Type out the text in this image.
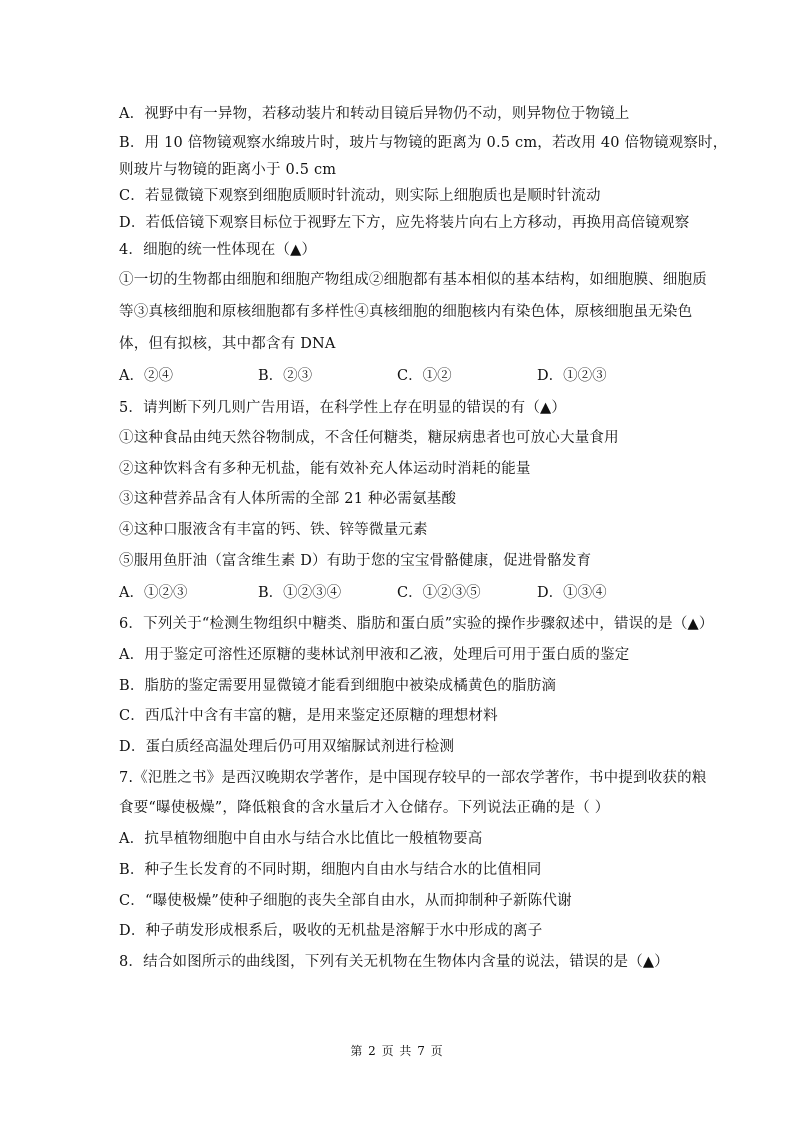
A．视野中有一异物，若移动装片和转动目镜后异物仍不动，则异物位于物镜上
B．用 10 倍物镜观察水绵玻片时，玻片与物镜的距离为 0.5 cm，若改用 40 倍物镜观察时，
则玻片与物镜的距离小于 0.5 cm
C．若显微镜下观察到细胞质顺时针流动，则实际上细胞质也是顺时针流动
D．若低倍镜下观察目标位于视野左下方，应先将装片向右上方移动，再换用高倍镜观察
4．细胞的统一性体现在（▲）
①一切的生物都由细胞和细胞产物组成②细胞都有基本相似的基本结构，如细胞膜、细胞质
等③真核细胞和原核细胞都有多样性④真核细胞的细胞核内有染色体，原核细胞虽无染色
体，但有拟核，其中都含有 DNA
A．②④	B．②③	C．①②	D．①②③
5．请判断下列几则广告用语，在科学性上存在明显的错误的有（▲）
①这种食品由纯天然谷物制成，不含任何糖类，糖尿病患者也可放心大量食用
②这种饮料含有多种无机盐，能有效补充人体运动时消耗的能量
③这种营养品含有人体所需的全部 21 种必需氨基酸
④这种口服液含有丰富的钙、铁、锌等微量元素
⑤服用鱼肝油（富含维生素 D）有助于您的宝宝骨骼健康，促进骨骼发育
A．①②③	B．①②③④	C．①②③⑤	D．①③④
6．下列关于“检测生物组织中糖类、脂肪和蛋白质”实验的操作步骤叙述中，错误的是（▲）
A．用于鉴定可溶性还原糖的斐林试剂甲液和乙液，处理后可用于蛋白质的鉴定
B．脂肪的鉴定需要用显微镜才能看到细胞中被染成橘黄色的脂肪滴
C．西瓜汁中含有丰富的糖，是用来鉴定还原糖的理想材料
D．蛋白质经高温处理后仍可用双缩脲试剂进行检测
7.《氾胜之书》是西汉晚期农学著作，是中国现存较早的一部农学著作，书中提到收获的粮
食要“曝使极燥”，降低粮食的含水量后才入仓储存。下列说法正确的是（ ）
A．抗旱植物细胞中自由水与结合水比值比一般植物要高
B．种子生长发育的不同时期，细胞内自由水与结合水的比值相同
C．“曝使极燥”使种子细胞的丧失全部自由水，从而抑制种子新陈代谢
D．种子萌发形成根系后，吸收的无机盐是溶解于水中形成的离子
8．结合如图所示的曲线图，下列有关无机物在生物体内含量的说法，错误的是（▲）
第 2 页 共 7 页
